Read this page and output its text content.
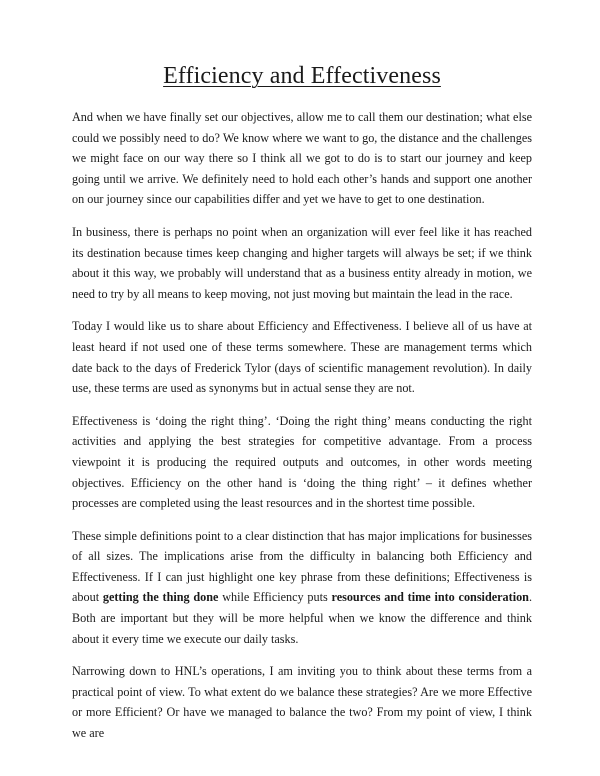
Efficiency and Effectiveness

And when we have finally set our objectives, allow me to call them our destination; what else could we possibly need to do? We know where we want to go, the distance and the challenges we might face on our way there so I think all we got to do is to start our journey and keep going until we arrive. We definitely need to hold each other’s hands and support one another on our journey since our capabilities differ and yet we have to get to one destination.

In business, there is perhaps no point when an organization will ever feel like it has reached its destination because times keep changing and higher targets will always be set; if we think about it this way, we probably will understand that as a business entity already in motion, we need to try by all means to keep moving, not just moving but maintain the lead in the race.

Today I would like us to share about Efficiency and Effectiveness. I believe all of us have at least heard if not used one of these terms somewhere. These are management terms which date back to the days of Frederick Tylor (days of scientific management revolution). In daily use, these terms are used as synonyms but in actual sense they are not.

Effectiveness is ‘doing the right thing’. ‘Doing the right thing’ means conducting the right activities and applying the best strategies for competitive advantage. From a process viewpoint it is producing the required outputs and outcomes, in other words meeting objectives. Efficiency on the other hand is ‘doing the thing right’ – it defines whether processes are completed using the least resources and in the shortest time possible.

These simple definitions point to a clear distinction that has major implications for businesses of all sizes. The implications arise from the difficulty in balancing both Efficiency and Effectiveness. If I can just highlight one key phrase from these definitions; Effectiveness is about getting the thing done while Efficiency puts resources and time into consideration. Both are important but they will be more helpful when we know the difference and think about it every time we execute our daily tasks.

Narrowing down to HNL’s operations, I am inviting you to think about these terms from a practical point of view. To what extent do we balance these strategies? Are we more Effective or more Efficient? Or have we managed to balance the two? From my point of view, I think we are
